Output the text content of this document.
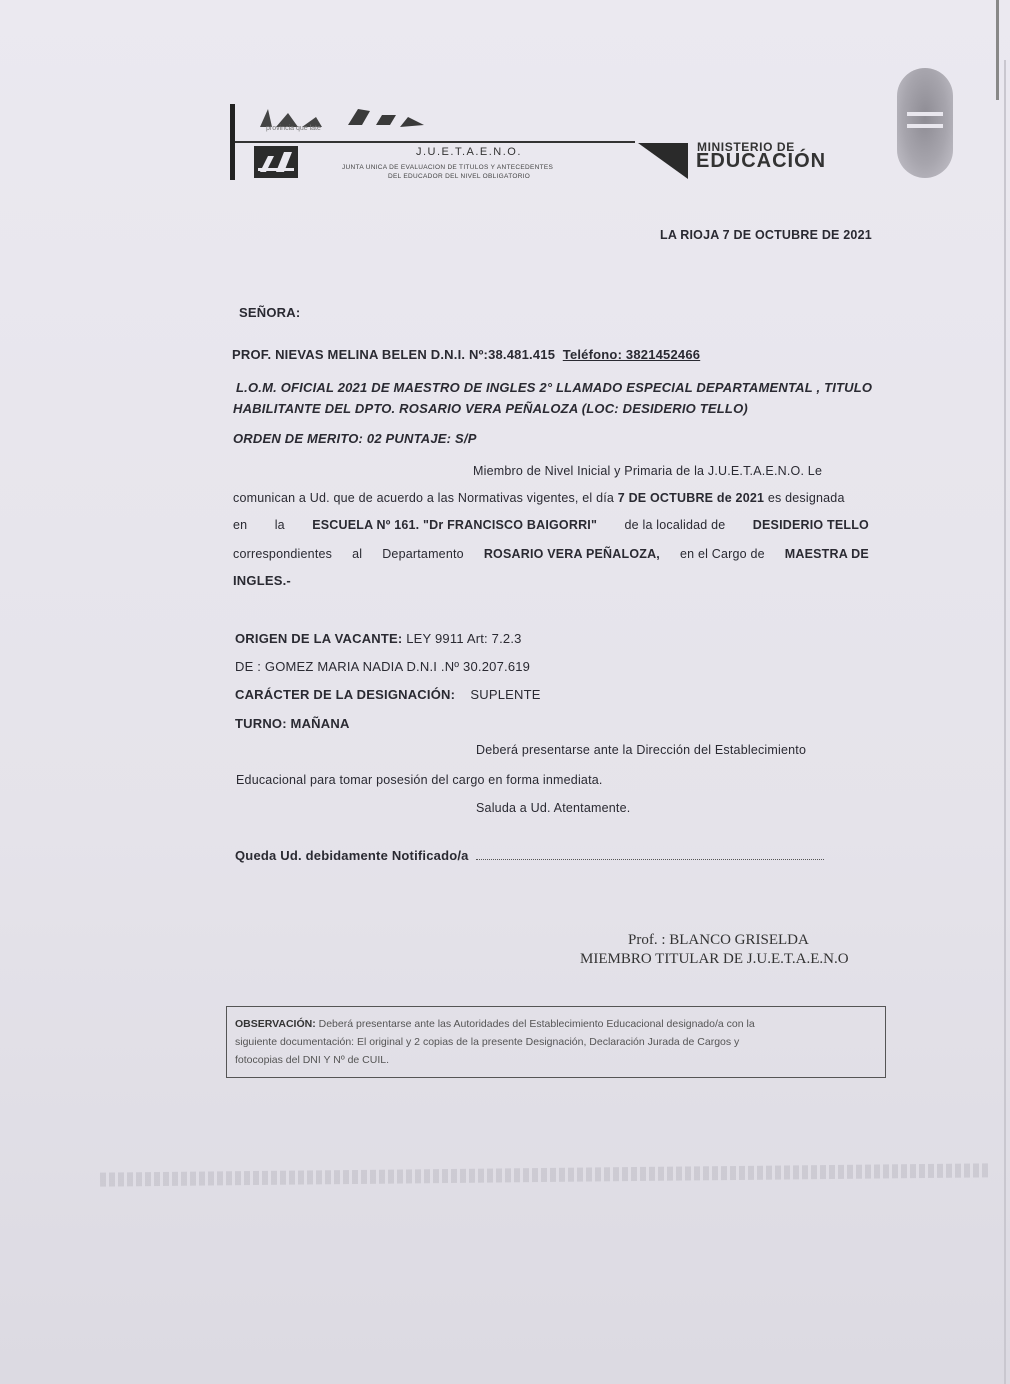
provincia que late
J.U.E.T.A.E.N.O.
JUNTA UNICA DE EVALUACION DE TITULOS Y ANTECEDENTES
DEL EDUCADOR DEL NIVEL OBLIGATORIO
MINISTERIO DE
EDUCACIÓN
LA RIOJA 7 DE OCTUBRE DE 2021
SEÑORA:
PROF. NIEVAS MELINA BELEN D.N.I. Nº:38.481.415 Teléfono: 3821452466
L.O.M. OFICIAL 2021 DE MAESTRO DE INGLES 2° LLAMADO ESPECIAL DEPARTAMENTAL , TITULO
HABILITANTE DEL DPTO. ROSARIO VERA PEÑALOZA (LOC: DESIDERIO TELLO)
ORDEN DE MERITO: 02 PUNTAJE: S/P
Miembro de Nivel Inicial y Primaria de la J.U.E.T.A.E.N.O. Le
comunican a Ud. que de acuerdo a las Normativas vigentes, el día 7 DE OCTUBRE de 2021 es designada
en la ESCUELA Nº 161. "Dr FRANCISCO BAIGORRI" de la localidad de DESIDERIO TELLO
correspondientes al Departamento ROSARIO VERA PEÑALOZA, en el Cargo de MAESTRA DE
INGLES.-
ORIGEN DE LA VACANTE: LEY 9911 Art: 7.2.3
DE : GOMEZ MARIA NADIA D.N.I .Nº 30.207.619
CARÁCTER DE LA DESIGNACIÓN: SUPLENTE
TURNO: MAÑANA
Deberá presentarse ante la Dirección del Establecimiento
Educacional para tomar posesión del cargo en forma inmediata.
Saluda a Ud. Atentamente.
Queda Ud. debidamente Notificado/a
Prof. : BLANCO GRISELDA
MIEMBRO TITULAR DE J.U.E.T.A.E.N.O
OBSERVACIÓN: Deberá presentarse ante las Autoridades del Establecimiento Educacional designado/a con la
siguiente documentación: El original y 2 copias de la presente Designación, Declaración Jurada de Cargos y
fotocopias del DNI Y Nº de CUIL.
